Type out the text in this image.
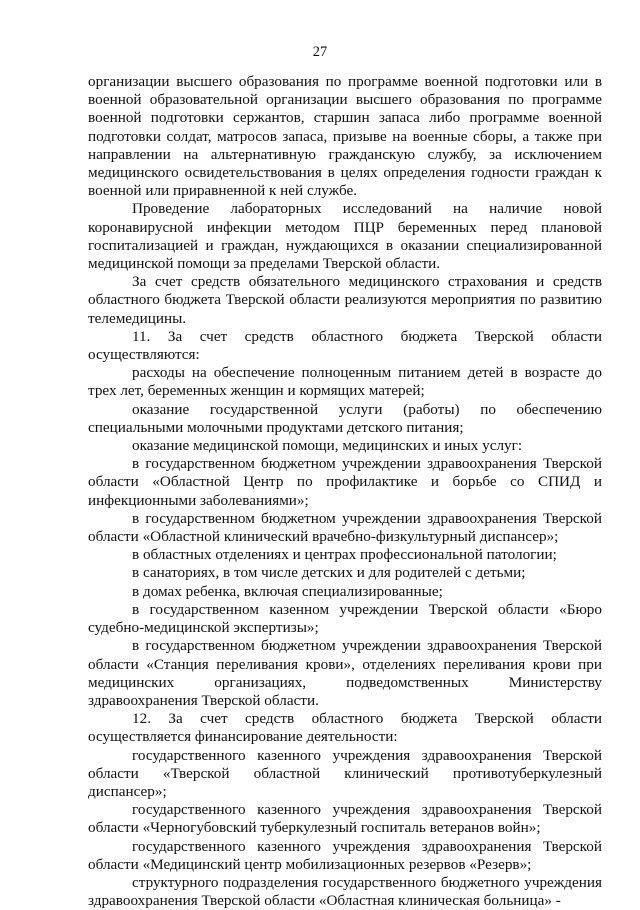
27

организации высшего образования по программе военной подготовки или в военной образовательной организации высшего образования по программе военной подготовки сержантов, старшин запаса либо программе военной подготовки солдат, матросов запаса, призыве на военные сборы, а также при направлении на альтернативную гражданскую службу, за исключением медицинского освидетельствования в целях определения годности граждан к военной или приравненной к ней службе.

Проведение лабораторных исследований на наличие новой коронавирусной инфекции методом ПЦР беременных перед плановой госпитализацией и граждан, нуждающихся в оказании специализированной медицинской помощи за пределами Тверской области.

За счет средств обязательного медицинского страхования и средств областного бюджета Тверской области реализуются мероприятия по развитию телемедицины.

11. За счет средств областного бюджета Тверской области осуществляются:

расходы на обеспечение полноценным питанием детей в возрасте до трех лет, беременных женщин и кормящих матерей;

оказание государственной услуги (работы) по обеспечению специальными молочными продуктами детского питания;

оказание медицинской помощи, медицинских и иных услуг:

в государственном бюджетном учреждении здравоохранения Тверской области «Областной Центр по профилактике и борьбе со СПИД и инфекционными заболеваниями»;

в государственном бюджетном учреждении здравоохранения Тверской области «Областной клинический врачебно-физкультурный диспансер»;

в областных отделениях и центрах профессиональной патологии;

в санаториях, в том числе детских и для родителей с детьми;

в домах ребенка, включая специализированные;

в государственном казенном учреждении Тверской области «Бюро судебно-медицинской экспертизы»;

в государственном бюджетном учреждении здравоохранения Тверской области «Станция переливания крови», отделениях переливания крови при медицинских организациях, подведомственных Министерству здравоохранения Тверской области.

12. За счет средств областного бюджета Тверской области осуществляется финансирование деятельности:

государственного казенного учреждения здравоохранения Тверской области «Тверской областной клинический противотуберкулезный диспансер»;

государственного казенного учреждения здравоохранения Тверской области «Черногубовский туберкулезный госпиталь ветеранов войн»;

государственного казенного учреждения здравоохранения Тверской области «Медицинский центр мобилизационных резервов «Резерв»;

структурного подразделения государственного бюджетного учреждения здравоохранения Тверской области «Областная клиническая больница» -
